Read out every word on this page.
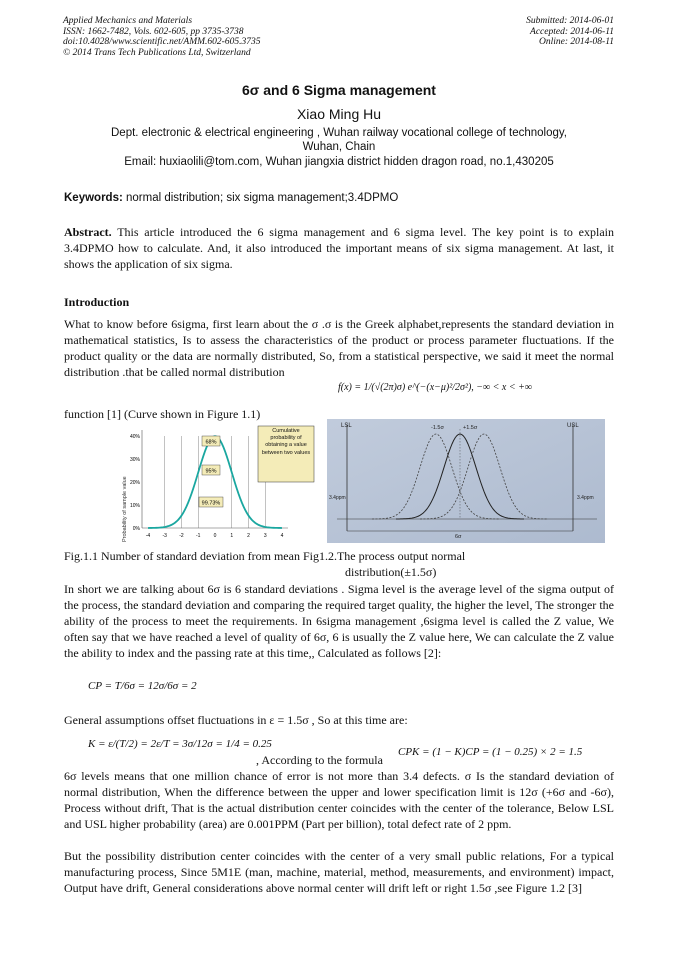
Applied Mechanics and Materials
ISSN: 1662-7482, Vols. 602-605, pp 3735-3738
doi:10.4028/www.scientific.net/AMM.602-605.3735
© 2014 Trans Tech Publications Ltd, Switzerland
Submitted: 2014-06-01
Accepted: 2014-06-11
Online: 2014-08-11
6σ and 6 Sigma management
Xiao Ming Hu
Dept. electronic & electrical engineering , Wuhan railway vocational college of technology, Wuhan, Chain
Email: huxiaolili@tom.com, Wuhan jiangxia district hidden dragon road, no.1,430205
Keywords: normal distribution; six sigma management;3.4DPMO
Abstract. This article introduced the 6 sigma management and 6 sigma level. The key point is to explain 3.4DPMO how to calculate. And, it also introduced the important means of six sigma management. At last, it shows the application of six sigma.
Introduction
What to know before 6sigma, first learn about the σ .σ is the Greek alphabet,represents the standard deviation in mathematical statistics, Is to assess the characteristics of the product or process parameter fluctuations. If the product quality or the data are normally distributed, So, from a statistical perspective, we said it meet the normal distribution .that be called normal distribution
f(x) = 1/(√(2π)σ) e^(−(x−μ)²/2σ²), −∞ < x < +∞
function [1] (Curve shown in Figure 1.1)
Probability of sample value 0%
10%
20%
30%
40%
-4 -3 -2 -1	0	1	2	3	4
68%
95%
99.73%
Cumulative probability of obtaining a value between two values
LSL	USL
-1.5σ	+1.5σ
3.4ppm	3.4ppm
6σ
Fig.1.1 Number of standard deviation from mean Fig1.2.The process output normal
distribution(±1.5σ)
In short we are talking about 6σ is 6 standard deviations . Sigma level is the average level of the sigma output of the process, the standard deviation and comparing the required target quality, the higher the level, The stronger the ability of the process to meet the requirements. In 6sigma management ,6sigma level is called the Z value, We often say that we have reached a level of quality of 6σ, 6 is usually the Z value here, We can calculate the Z value the ability to index and the passing rate at this time,, Calculated as follows [2]:
CP = T/6σ = 12σ/6σ = 2
General assumptions offset fluctuations in ε = 1.5σ , So at this time are:
K = ε/(T/2) = 2ε/T = 3σ/12σ = 1/4 = 0.25
, According to the formula
CPK = (1 − K)CP = (1 − 0.25) × 2 = 1.5
6σ levels means that one million chance of error is not more than 3.4 defects. σ Is the standard deviation of normal distribution, When the difference between the upper and lower specification limit is 12σ (+6σ and -6σ), Process without drift, That is the actual distribution center coincides with the center of the tolerance, Below LSL and USL higher probability (area) are 0.001PPM (Part per billion), total defect rate of 2 ppm.
But the possibility distribution center coincides with the center of a very small public relations, For a typical manufacturing process, Since 5M1E (man, machine, material, method, measurements, and environment) impact, Output have drift, General considerations above normal center will drift left or right 1.5σ ,see Figure 1.2 [3]
